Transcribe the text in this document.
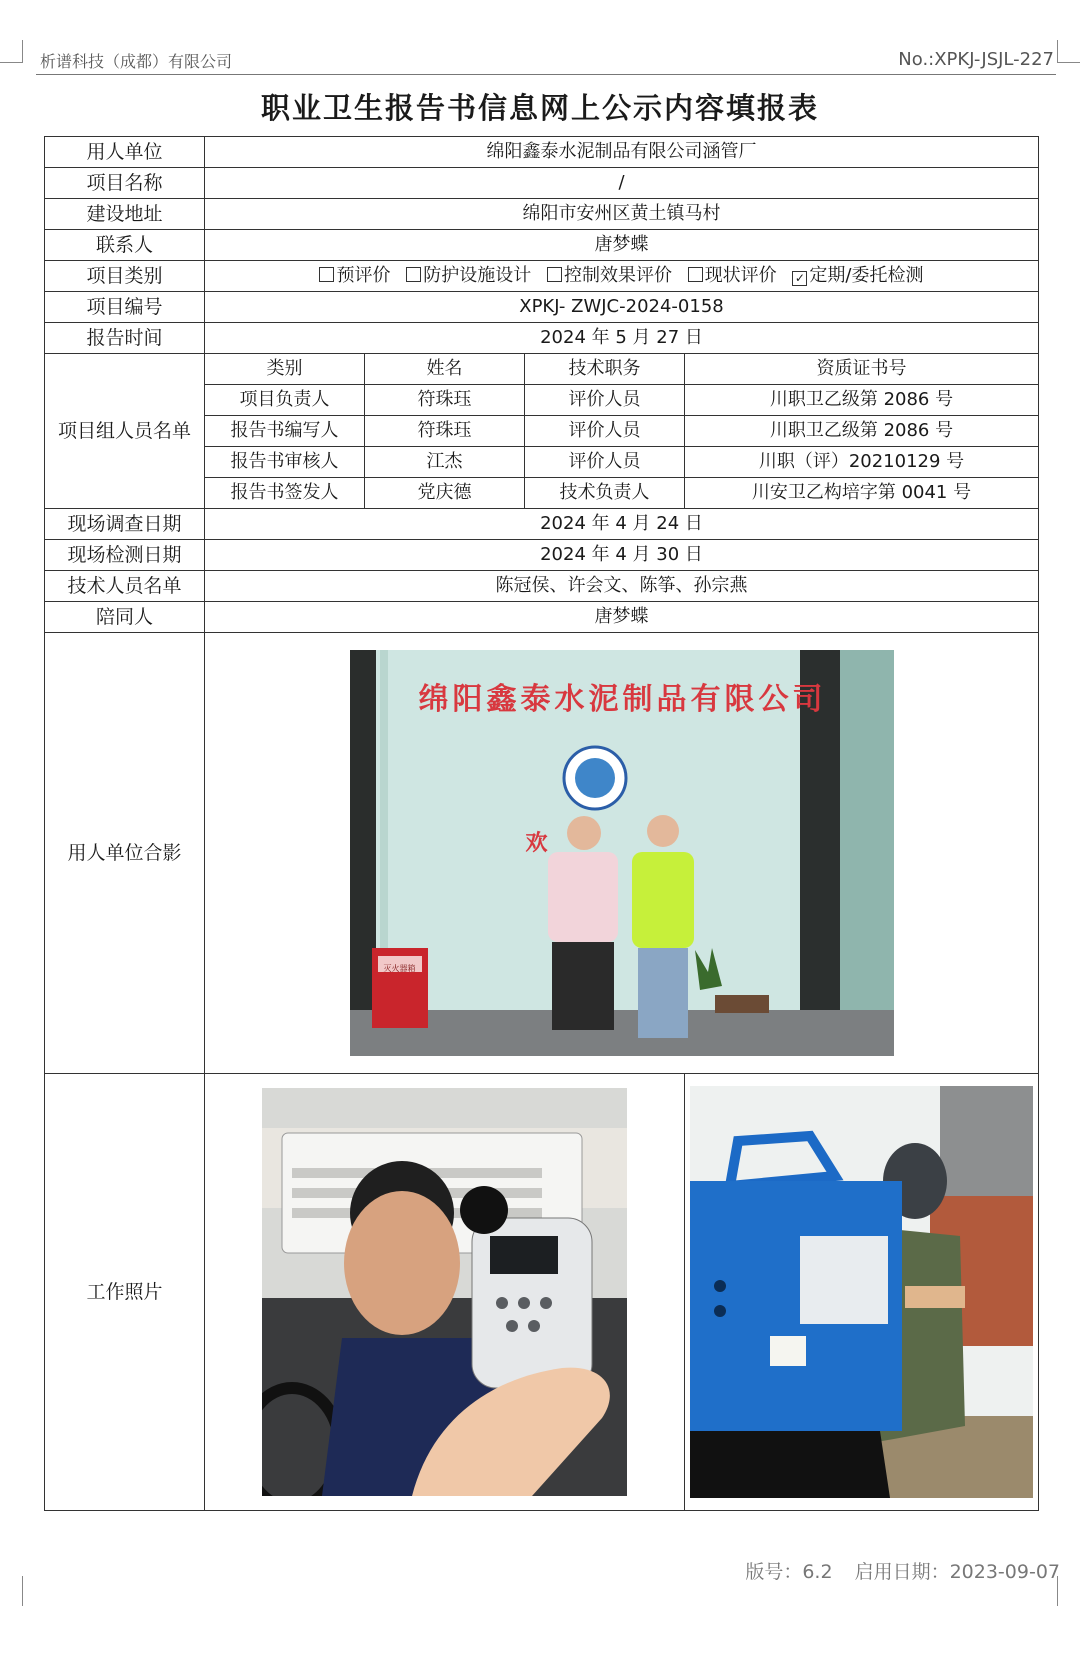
析谱科技（成都）有限公司	No.:XPKJ-JSJL-227
职业卫生报告书信息网上公示内容填报表
用人单位	绵阳鑫泰水泥制品有限公司涵管厂			
项目名称	/			
建设地址	绵阳市安州区黄土镇马村			
联系人	唐梦蝶			
项目类别	预评价 防护设施设计 控制效果评价 现状评价 ✓ 定期/委托检测			
项目编号	XPKJ- ZWJC-2024-0158			
报告时间	2024 年 5 月 27 日			
项目组人员名单	类别	姓名	技术职务	资质证书号
	项目负责人	符珠珏	评价人员	川职卫乙级第 2086 号
	报告书编写人	符珠珏	评价人员	川职卫乙级第 2086 号
	报告书审核人	江杰	评价人员	川职（评）20210129 号
	报告书签发人	党庆德	技术负责人	川安卫乙构培字第 0041 号
现场调查日期	2024 年 4 月 24 日			
现场检测日期	2024 年 4 月 30 日			
技术人员名单	陈冠侯、许会文、陈筝、孙宗燕			
陪同人	唐梦蝶			
用人单位合影	绵阳鑫泰水泥制品有限公司
欢
灭火器箱			

工作照片	

版号：6.2 启用日期：2023-09-07
